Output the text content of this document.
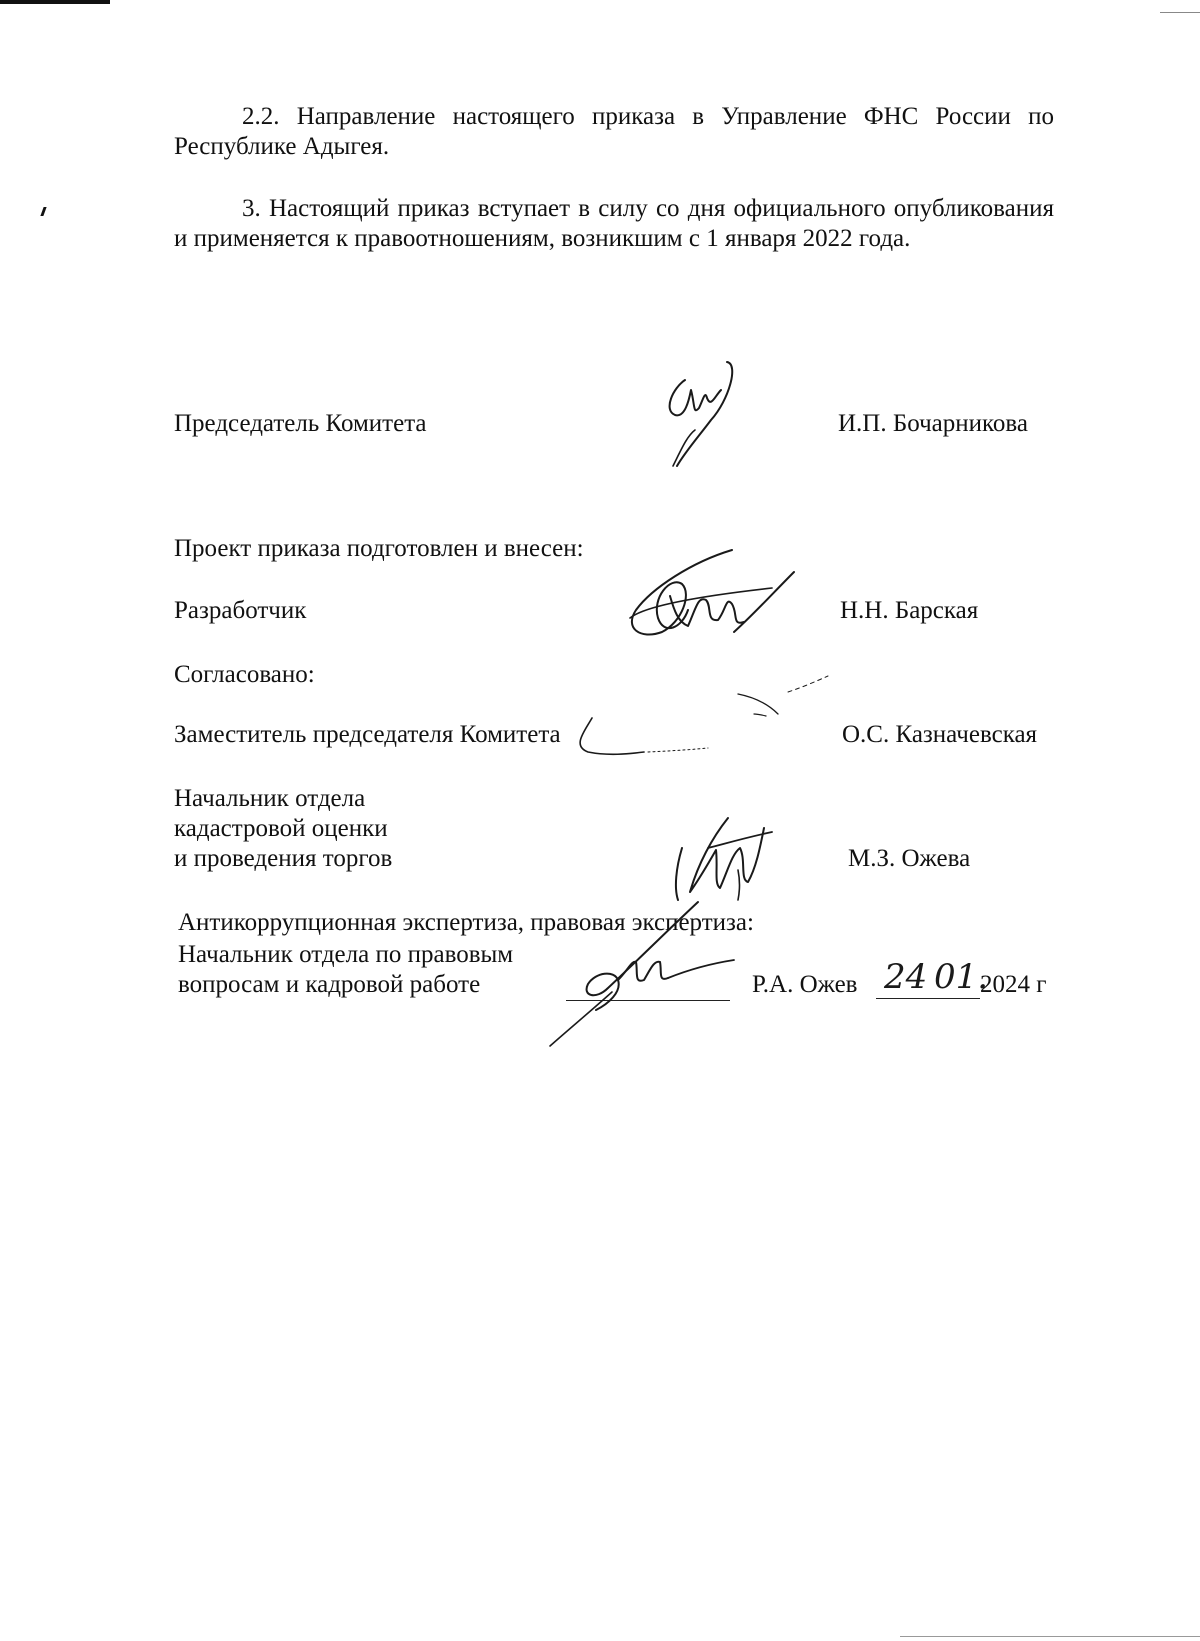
2.2. Направление настоящего приказа в Управление ФНС России по Республике Адыгея.

3. Настоящий приказ вступает в силу со дня официального опубликования и применяется к правоотношениям, возникшим с 1 января 2022 года.

Председатель Комитета	И.П. Бочарникова
Проект приказа подготовлен и внесен:
Разработчик	Н.Н. Барская
Согласовано:
Заместитель председателя Комитета	О.С. Казначевская
Начальник отдела
кадастровой оценки
и проведения торгов	М.З. Ожева
Антикоррупционная экспертиза, правовая экспертиза:
Начальник отдела по правовым
вопросам и кадровой работе	Р.А. Ожев 24 01.
2024 г
